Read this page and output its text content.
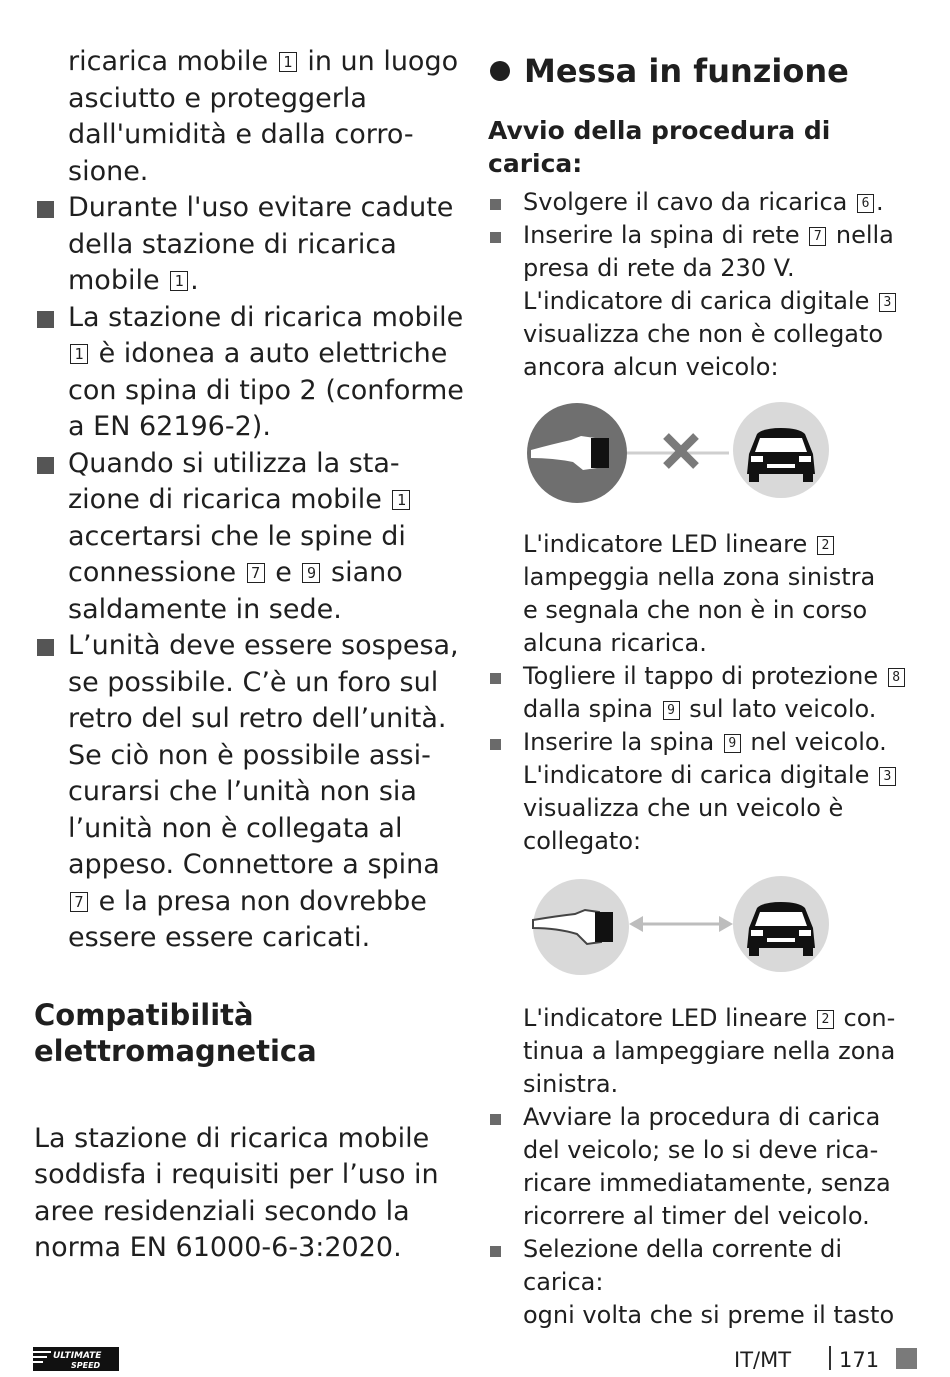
ricarica mobile 1 in un luogo
asciutto e proteggerla
dall'umidità e dalla corro-
sione.
Durante l'uso evitare cadute
della stazione di ricarica
mobile 1 .
La stazione di ricarica mobile
1 è idonea a auto elettriche
con spina di tipo 2 (conforme
a EN 62196-2).
Quando si utilizza la sta-
zione di ricarica mobile 1
accertarsi che le spine di
connessione 7 e 9 siano
saldamente in sede.
L’unità deve essere sospesa,
se possibile. C’è un foro sul
retro del sul retro dell’unità.
Se ciò non è possibile assi-
curarsi che l’unità non sia
l’unità non è collegata al
appeso. Connettore a spina
7 e la presa non dovrebbe
essere essere caricati.
Compatibilità
elettromagnetica
La stazione di ricarica mobile
soddisfa i requisiti per l’uso in
aree residenziali secondo la
norma EN 61000-6-3:2020.
Messa in funzione
Avvio della procedura di
carica:
Svolgere il cavo da ricarica 6 .
Inserire la spina di rete 7 nella
presa di rete da 230 V.
L'indicatore di carica digitale 3
visualizza che non è collegato
ancora alcun veicolo:
L'indicatore LED lineare 2
lampeggia nella zona sinistra
e segnala che non è in corso
alcuna ricarica.
Togliere il tappo di protezione 8
dalla spina 9 sul lato veicolo.
Inserire la spina 9 nel veicolo.
L'indicatore di carica digitale 3
visualizza che un veicolo è
collegato:
L'indicatore LED lineare 2 con-
tinua a lampeggiare nella zona
sinistra.
Avviare la procedura di carica
del veicolo; se lo si deve rica-
ricare immediatamente, senza
ricorrere al timer del veicolo.
Selezione della corrente di
carica:
ogni volta che si preme il tasto
ULTIMATE
SPEED	IT/MT 171
